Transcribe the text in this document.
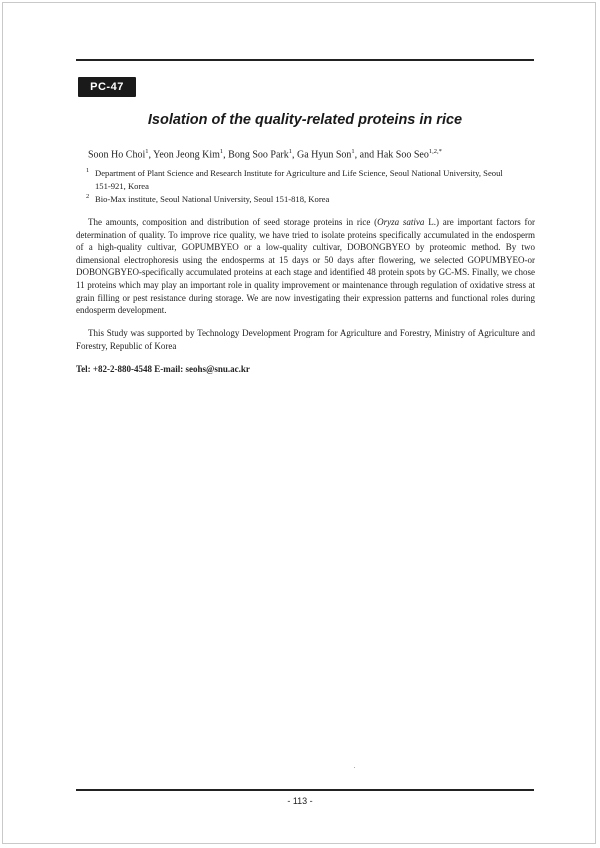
PC-47
Isolation of the quality-related proteins in rice
Soon Ho Choi$^1$, Yeon Jeong Kim$^1$, Bong Soo Park$^1$, Ga Hyun Son$^1$, and Hak Soo Seo$^{1,2,*}$
1 Department of Plant Science and Research Institute for Agriculture and Life Science, Seoul National University, Seoul
151-921, Korea
2 Bio-Max institute, Seoul National University, Seoul 151-818, Korea
The amounts, composition and distribution of seed storage proteins in rice (Oryza sativa L.) are important factors for determination of quality. To improve rice quality, we have tried to isolate proteins specifically accumulated in the endosperm of a high-quality cultivar, GOPUMBYEO or a low-quality cultivar, DOBONGBYEO by proteomic method. By two dimensional electrophoresis using the endosperms at 15 days or 50 days after flowering, we selected GOPUMBYEO-or DOBONGBYEO-specifically accumulated proteins at each stage and identified 48 protein spots by GC-MS. Finally, we chose 11 proteins which may play an important role in quality improvement or maintenance through regulation of oxidative stress at grain filling or pest resistance during storage. We are now investigating their expression patterns and functional roles during endosperm development.
This Study was supported by Technology Development Program for Agriculture and Forestry, Ministry of Agriculture and Forestry, Republic of Korea
Tel: +82-2-880-4548 E-mail: seohs@snu.ac.kr
- 113 -
